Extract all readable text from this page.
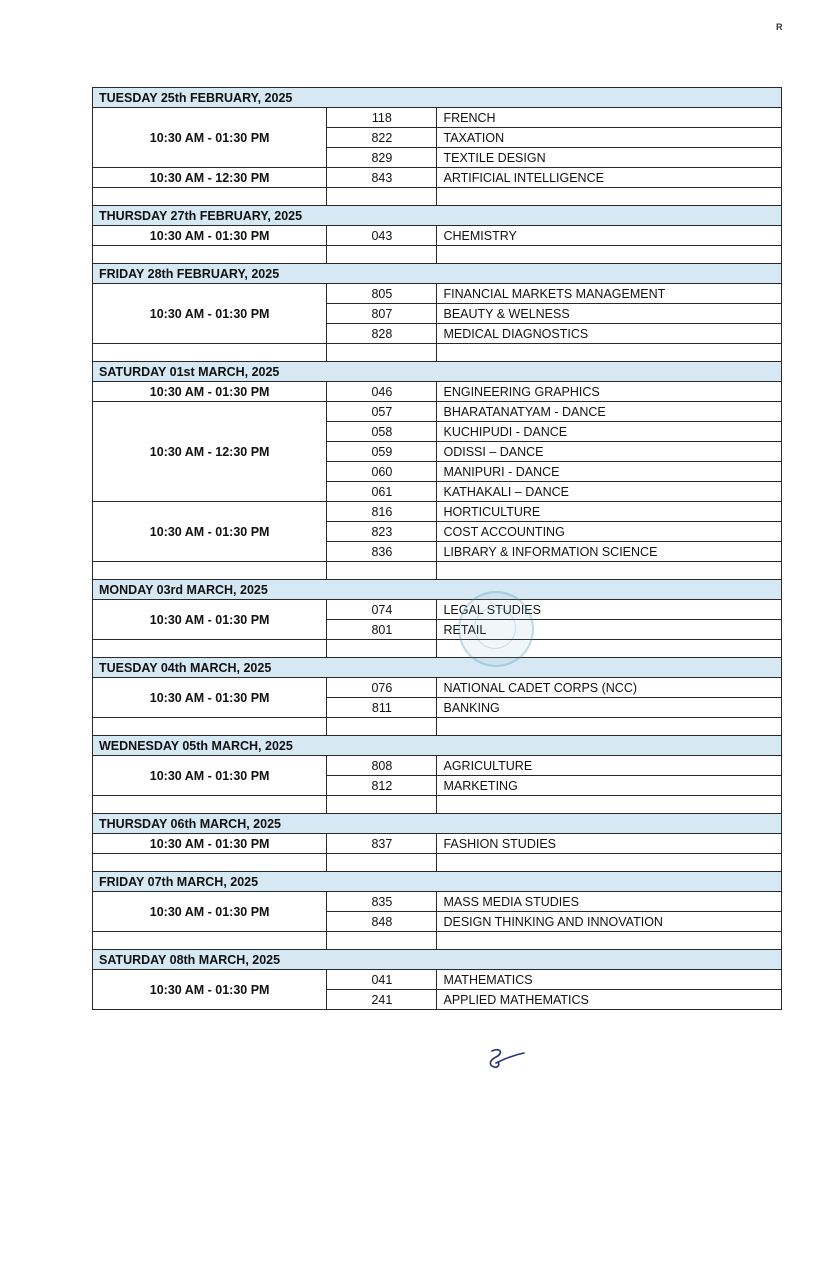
R
TUESDAY 25th FEBRUARY, 2025		
10:30 AM - 01:30 PM	118	FRENCH
	822	TAXATION
	829	TEXTILE DESIGN
10:30 AM - 12:30 PM	843	ARTIFICIAL INTELLIGENCE

THURSDAY 27th FEBRUARY, 2025		
10:30 AM - 01:30 PM	043	CHEMISTRY

FRIDAY 28th FEBRUARY, 2025		
10:30 AM - 01:30 PM	805	FINANCIAL MARKETS MANAGEMENT
	807	BEAUTY & WELNESS
	828	MEDICAL DIAGNOSTICS

SATURDAY 01st MARCH, 2025		
10:30 AM - 01:30 PM	046	ENGINEERING GRAPHICS
10:30 AM - 12:30 PM	057	BHARATANATYAM - DANCE
	058	KUCHIPUDI - DANCE
	059	ODISSI – DANCE
	060	MANIPURI - DANCE
	061	KATHAKALI – DANCE
10:30 AM - 01:30 PM	816	HORTICULTURE
	823	COST ACCOUNTING
	836	LIBRARY & INFORMATION SCIENCE

MONDAY 03rd MARCH, 2025		
10:30 AM - 01:30 PM	074	LEGAL STUDIES
	801	RETAIL

TUESDAY 04th MARCH, 2025		
10:30 AM - 01:30 PM	076	NATIONAL CADET CORPS (NCC)
	811	BANKING

WEDNESDAY 05th MARCH, 2025		
10:30 AM - 01:30 PM	808	AGRICULTURE
	812	MARKETING

THURSDAY 06th MARCH, 2025		
10:30 AM - 01:30 PM	837	FASHION STUDIES

FRIDAY 07th MARCH, 2025		
10:30 AM - 01:30 PM	835	MASS MEDIA STUDIES
	848	DESIGN THINKING AND INNOVATION

SATURDAY 08th MARCH, 2025		
10:30 AM - 01:30 PM	041	MATHEMATICS
	241	APPLIED MATHEMATICS
